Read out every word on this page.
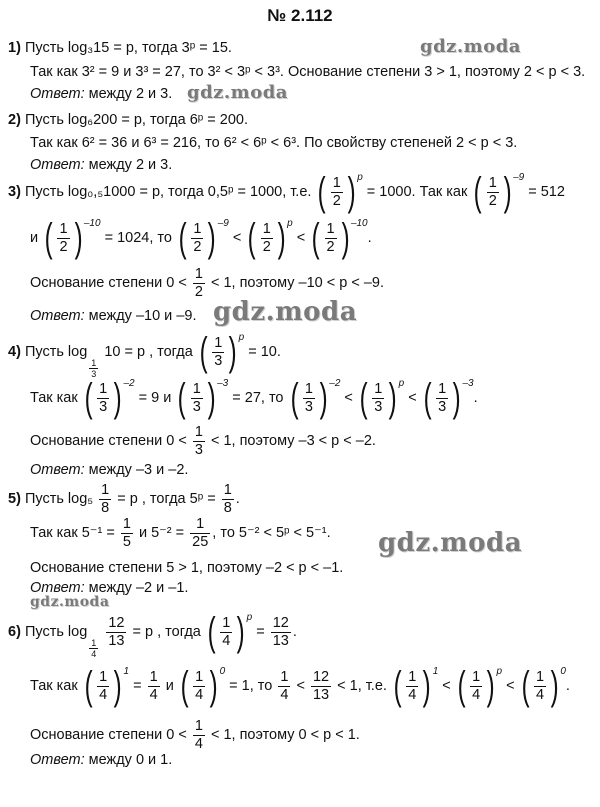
№ 2.112
gdz.moda
gdz.moda
gdz.moda
gdz.moda
gdz.moda
1) Пусть log₃15 = p, тогда 3ᵖ = 15.
Так как 3² = 9 и 3³ = 27, то 3² < 3ᵖ < 3³. Основание степени 3 > 1, поэтому 2 < p < 3.
Ответ: между 2 и 3.
2) Пусть log₆200 = p, тогда 6ᵖ = 200.
Так как 6² = 36 и 6³ = 216, то 6² < 6ᵖ < 6³. По свойству степеней 2 < p < 3.
Ответ: между 2 и 3.
3) Пусть log₀,₅1000 = p, тогда 0,5ᵖ = 1000, т.е. ( $\frac{1}{2}$ ) p
= 1000. Так как ( $\frac{1}{2}$ ) –9
= 512
и ( $\frac{1}{2}$ ) –10
= 1024, то ( $\frac{1}{2}$ ) –9
< ( $\frac{1}{2}$ ) p
< ( $\frac{1}{2}$ ) –10
.
Основание степени $0 < \frac{1}{2} < 1$, поэтому –10 < p < –9.
Ответ: между –10 и –9.
4) Пусть log
$\frac{1}{3}$
10 = p , тогда ( $\frac{1}{3}$ ) p
= 10.
Так как ( $\frac{1}{3}$ ) –2
= 9 и ( $\frac{1}{3}$ ) –3
= 27, то ( $\frac{1}{3}$ ) –2
< ( $\frac{1}{3}$ ) p
< ( $\frac{1}{3}$ ) –3
.
Основание степени $0 < \frac{1}{3} < 1$, поэтому –3 < p < –2.
Ответ: между –3 и –2.
5) Пусть $\log_5 \frac{1}{8} = p$ , тогда 5ᵖ = $\frac{1}{8}$ .
Так как $5^{-1} = \frac{1}{5}$ и $5^{-2} = \frac{1}{25}$ , то 5⁻² < 5ᵖ < 5⁻¹.
Основание степени 5 > 1, поэтому –2 < p < –1.
Ответ: между –2 и –1.
6) Пусть log
$\frac{1}{4}$
$\frac{12}{13} = p$ , тогда ( $\frac{1}{4}$ ) p
= $\frac{12}{13}$ .
Так как ( $\frac{1}{4}$ ) 1
= $\frac{1}{4}$ и ( $\frac{1}{4}$ ) 0
= 1, то $\frac{1}{4} < \frac{12}{13} < 1$, т.е. ( $\frac{1}{4}$ ) 1
< ( $\frac{1}{4}$ ) p
< ( $\frac{1}{4}$ ) 0
.
Основание степени $0 < \frac{1}{4} < 1$, поэтому 0 < p < 1.
Ответ: между 0 и 1.
